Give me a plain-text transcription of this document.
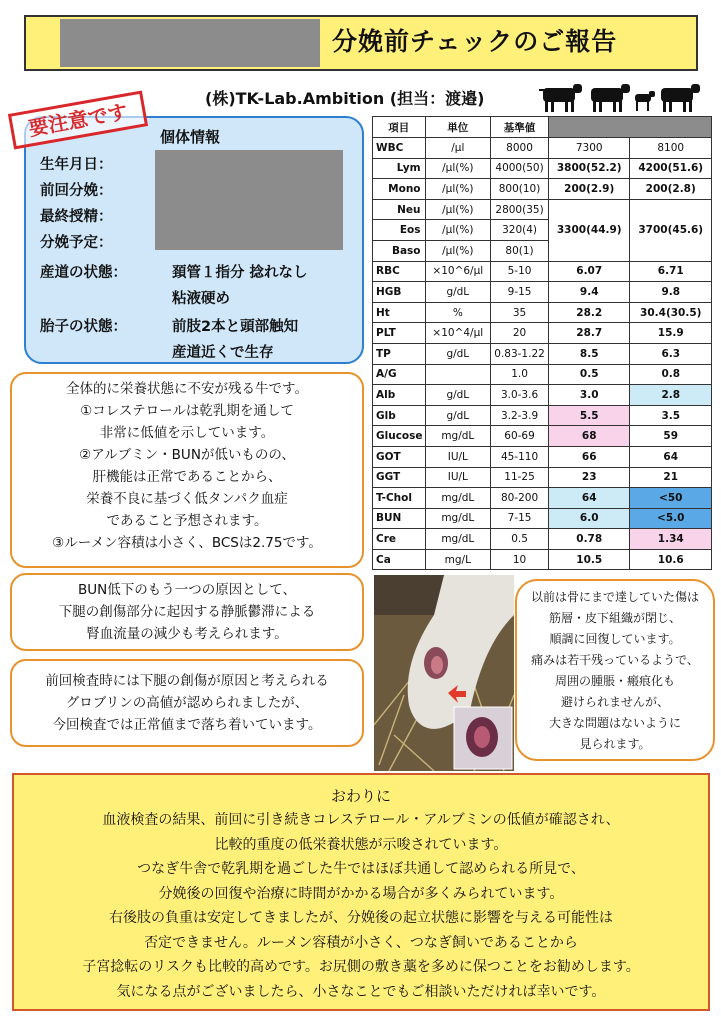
分娩前チェックのご報告
(株)TK-Lab.Ambition (担当：渡邉)
個体情報
生年月日：
前回分娩：
最終授精：
分娩予定：
産道の状態：	頚管１指分 捻れなし
粘液硬め
胎子の状態：	前肢2本と頭部触知
産道近くで生存
要注意です	項目	単位	基準値		
WBC	/μl	8000	7300	8100
Lym	/μl(%)	4000(50)	3800(52.2)	4200(51.6)
Mono	/μl(%)	800(10)	200(2.9)	200(2.8)
Neu	/μl(%)	2800(35)	3300(44.9)	3700(45.6)
Eos	/μl(%)	320(4)		
Baso	/μl(%)	80(1)		
RBC	×10^6/μl	5-10	6.07	6.71
HGB	g/dL	9-15	9.4	9.8
Ht	%	35	28.2	30.4(30.5)
PLT	×10^4/μl	20	28.7	15.9
TP	g/dL	0.83-1.22	8.5	6.3
A/G		1.0	0.5	0.8
Alb	g/dL	3.0-3.6	3.0	2.8
Glb	g/dL	3.2-3.9	5.5	3.5
Glucose	mg/dL	60-69	68	59
GOT	IU/L	45-110	66	64
GGT	IU/L	11-25	23	21
T-Chol	mg/dL	80-200	64	<50
BUN	mg/dL	7-15	6.0	<5.0
Cre	mg/dL	0.5	0.78	1.34
Ca	mg/L	10	10.5	10.6
全体的に栄養状態に不安が残る牛です。
①コレステロールは乾乳期を通して
非常に低値を示しています。
②アルブミン・BUNが低いものの、
肝機能は正常であることから、
栄養不良に基づく低タンパク血症
であること予想されます。
③ルーメン容積は小さく、BCSは2.75です。
BUN低下のもう一つの原因として、
下腿の創傷部分に起因する静脈鬱滞による
腎血流量の減少も考えられます。
前回検査時には下腿の創傷が原因と考えられる
グロブリンの高値が認められましたが、
今回検査では正常値まで落ち着いています。
以前は骨にまで達していた傷は
筋層・皮下組織が閉じ、
順調に回復しています。
痛みは若干残っているようで、
周囲の腫脹・瘢痕化も
避けられませんが、
大きな問題はないように
見られます。
おわりに
血液検査の結果、前回に引き続きコレステロール・アルブミンの低値が確認され、
比較的重度の低栄養状態が示唆されています。
つなぎ牛舎で乾乳期を過ごした牛ではほぼ共通して認められる所見で、
分娩後の回復や治療に時間がかかる場合が多くみられています。
右後肢の負重は安定してきましたが、分娩後の起立状態に影響を与える可能性は
否定できません。ルーメン容積が小さく、つなぎ飼いであることから
子宮捻転のリスクも比較的高めです。お尻側の敷き藁を多めに保つことをお勧めします。
気になる点がございましたら、小さなことでもご相談いただければ幸いです。
